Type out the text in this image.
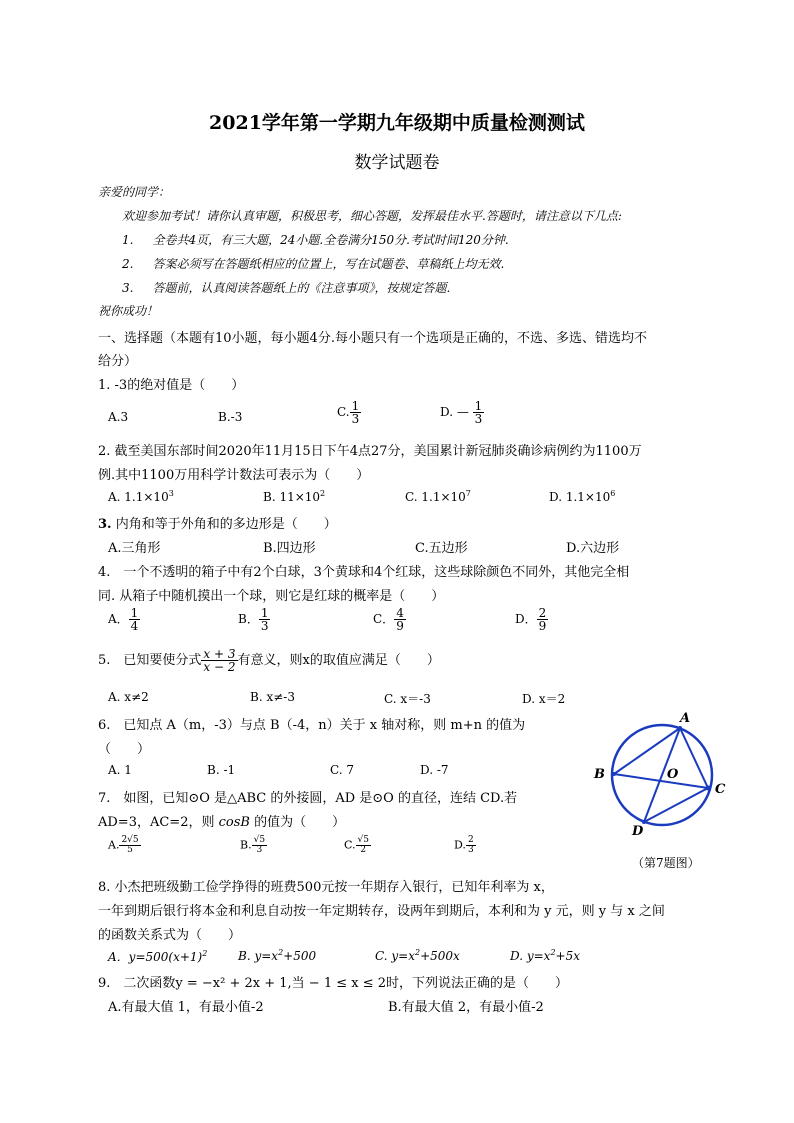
2021学年第一学期九年级期中质量检测测试
数学试题卷
亲爱的同学：
欢迎参加考试！请你认真审题，积极思考，细心答题，发挥最佳水平.答题时，请注意以下几点:
1. 全卷共4页，有三大题，24小题.全卷满分150分.考试时间120分钟.
2. 答案必须写在答题纸相应的位置上，写在试题卷、草稿纸上均无效.
3. 答题前，认真阅读答题纸上的《注意事项》，按规定答题.
祝你成功！
一、选择题（本题有10小题，每小题4分.每小题只有一个选项是正确的，不选、多选、错选均不
给分）
1. -3的绝对值是（　　）
A.3	B.-3	C. $\frac{1}{3}$	D. — $\frac{1}{3}$
2. 截至美国东部时间2020年11月15日下午4点27分，美国累计新冠肺炎确诊病例约为1100万
例.其中1100万用科学计数法可表示为（　　）
A. $1.1\times 10^3$	B. $11\times 10^2$	C. $1.1\times 10^7$	D. $1.1\times 10^6$
3. 内角和等于外角和的多边形是（　　）
A.三角形	B.四边形	C.五边形	D.六边形
4.　一个不透明的箱子中有2个白球，3个黄球和4个红球，这些球除颜色不同外，其他完全相
同. 从箱子中随机摸出一个球，则它是红球的概率是（　　）
A． $\frac{1}{4}$	B． $\frac{1}{3}$	C． $\frac{4}{9}$	D． $\frac{2}{9}$
5.　已知要使分式 $\frac{x + 3}{x - 2}$ 有意义，则x的取值应满足（　　）
A. x≠2	B. x≠-3	C. x＝-3	D. x＝2
6.　已知点 A（m，-3）与点 B（-4，n）关于 x 轴对称，则 m+n 的值为
（　　）
A. 1	B. -1	C. 7	D. -7
7.　如图，已知⊙O 是△ABC 的外接圆，AD 是⊙O 的直径，连结 CD.若
AD=3，AC=2，则 cosB 的值为（　　）
A. $\frac{2√5}{5}$	B. $\frac{√5}{3}$	C. $\frac{√5}{2}$	D. $\frac{2}{3}$
A
B
C
D
O
（第7题图）
8. 小杰把班级勤工俭学挣得的班费500元按一年期存入银行，已知年利率为 x，
一年到期后银行将本金和利息自动按一年定期转存，设两年到期后，本利和为 y 元，则 y 与 x 之间
的函数关系式为（　　）
A．$y=500(x+1)^2$	B. $y=x^2+500$	C. $y=x^2+500x$	D. $y=x^2+5x$
9.　二次函数y = −x² + 2x + 1,当 − 1 ≤ x ≤ 2时，下列说法正确的是（　　）
A.有最大值 1，有最小值-2	B.有最大值 2，有最小值-2
